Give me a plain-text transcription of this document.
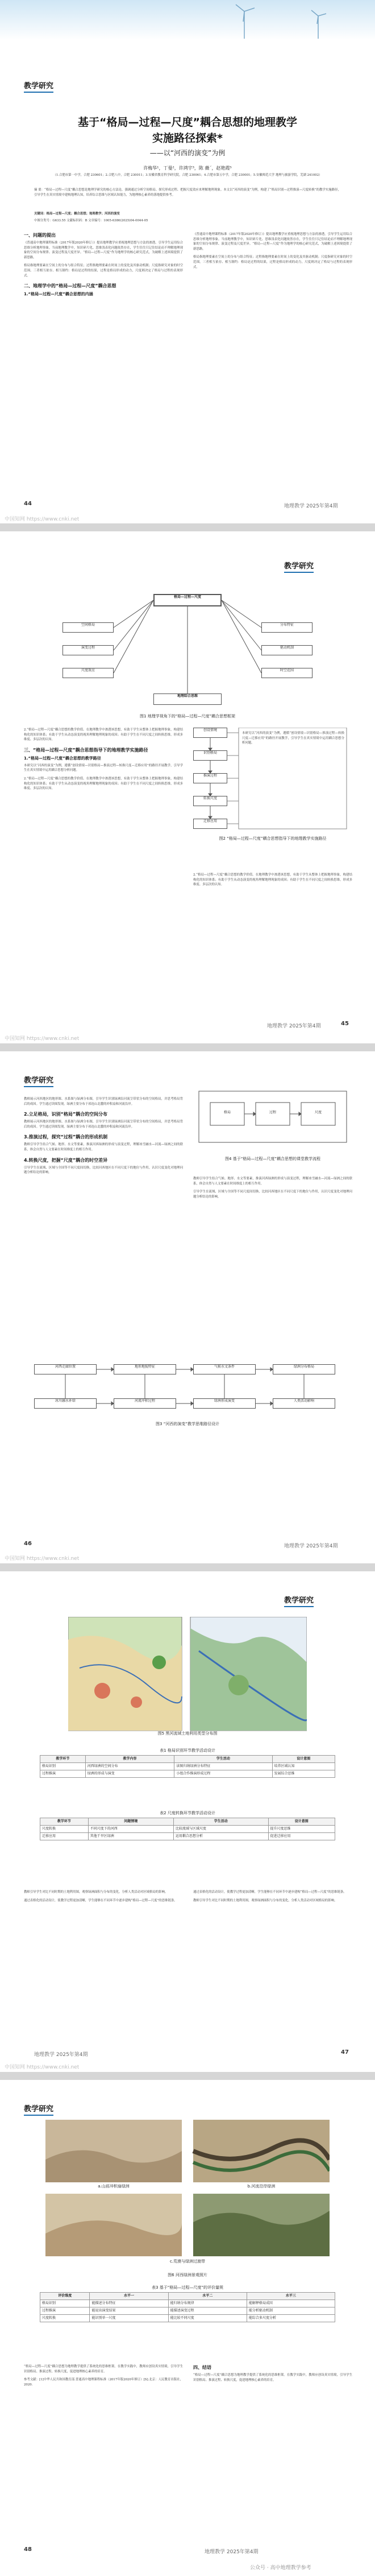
教学研究
基于“格局—过程—尺度”耦合思想的地理教学
实施路径探索*
——以“河西的演变”为例
许梅华¹，丁曼²，许鸿宇³，陈 薇´，赵艳霞⁵
（1.合肥市第一中学，合肥 230601；2.合肥八中，合肥 230011；3.安徽省教育科学研究院，合肥 230061；4.合肥市第五中学，合肥 230001；5.安徽师范大学 地理与旅游学院，芜湖 241002）
摘 要：“格局—过程—尺度”耦合思想是地理学研究的核心方法论，强调通过分析空间格局、探究形成过程、把握尺度效应来理解地理现象。本文以“河西的演变”为例，构建了“格局识别—过程推演—尺度转换”的教学实施路径，引导学生在真实情境中建构地理认知，培养综合思维与区域认知能力，为地理核心素养的落地提供参考。
关键词：格局—过程—尺度；耦合思想；地理教学；河西的演变
中图分类号：G633.55 文献标识码：B 文章编号：1005-6386(2025)04-0044-05
一、问题的提出
《普通高中地理课程标准（2017年版2020年修订）》提出地理教学应重视地理思想与方法的渗透，引导学生运用综合思维分析地理事象。当前地理教学中，知识碎片化、思维浅表化问题依然存在，学生往往只记住结论而不理解地理现象的空间分布规律、演变过程及尺度差异。“格局—过程—尺度”作为地理学的核心研究范式，为破解上述困境提供了新思路。
格局指地理要素在空间上的分布与组合特征；过程指地理要素在时间上的变化及其驱动机制；尺度指研究对象的时空范围。三者相互依存、相互制约：格局是过程的结果，过程是格局形成的动力，尺度则决定了格局与过程的表现形式。
二、地理学中的“格局—过程—尺度”耦合思想
1.“格局—过程—尺度”耦合思想的内涵
《普通高中地理课程标准（2017年版2020年修订）》提出地理教学应重视地理思想与方法的渗透，引导学生运用综合思维分析地理事象。当前地理教学中，知识碎片化、思维浅表化问题依然存在，学生往往只记住结论而不理解地理现象的空间分布规律、演变过程及尺度差异。“格局—过程—尺度”作为地理学的核心研究范式，为破解上述困境提供了新思路。
格局指地理要素在空间上的分布与组合特征；过程指地理要素在时间上的变化及其驱动机制；尺度指研究对象的时空范围。三者相互依存、相互制约：格局是过程的结果，过程是格局形成的动力，尺度则决定了格局与过程的表现形式。
44	地理教学 2025年第4期
中国知网 https://www.cnki.net
教学研究
格局—过程—尺度
空间格局
演变过程
尺度效应
分布特征
驱动机制
时空范围
地理综合思维
图1 地理学视角下的“格局—过程—尺度”耦合思想框架
2.“格局—过程—尺度”耦合思想的教学价值。在地理教学中渗透该思想，有助于学生从整体上把握地理事象，构建结构化的知识体系；有助于学生从动态演变的视角理解地理现象的成因；有助于学生在不同尺度之间转换思维，形成多维度、多层次的认知。
三、“格局—过程—尺度”耦合思想指导下的地理教学实施路径
1.“格局—过程—尺度”耦合思想的教学路径
本研究以“河西的演变”为例，遵循“创设情境—识别格局—推演过程—转换尺度—迁移应用”的路径开展教学，引导学生在真实情境中运用耦合思想分析问题。
2.“格局—过程—尺度”耦合思想的教学价值。在地理教学中渗透该思想，有助于学生从整体上把握地理事象，构建结构化的知识体系；有助于学生从动态演变的视角理解地理现象的成因；有助于学生在不同尺度之间转换思维，形成多维度、多层次的认知。
创设情境
识别格局
推演过程
转换尺度
迁移应用
本研究以“河西的演变”为例，遵循“创设情境—识别格局—推演过程—转换尺度—迁移应用”的路径开展教学，引导学生在真实情境中运用耦合思想分析问题。
图2 “格局—过程—尺度”耦合思想指导下的地理教学实施路径
2.“格局—过程—尺度”耦合思想的教学价值。在地理教学中渗透该思想，有助于学生从整体上把握地理事象，构建结构化的知识体系；有助于学生从动态演变的视角理解地理现象的成因；有助于学生在不同尺度之间转换思维，形成多维度、多层次的认知。
地理教学 2025年第4期	45
中国知网 https://www.cnki.net
教学研究
教师展示河西地区的地形图、水系图与绿洲分布图，引导学生识别绿洲沿河流呈带状分布的空间格局，并思考格局背后的成因。学生通过读图发现，绿洲主要分布于祁连山北麓的冲积扇和河流沿岸。
2.立足格局，识别“格局”耦合的空间分布
教师展示河西地区的地形图、水系图与绿洲分布图，引导学生识别绿洲沿河流呈带状分布的空间格局，并思考格局背后的成因。学生通过读图发现，绿洲主要分布于祁连山北麓的冲积扇和河流沿岸。
3.推演过程，探究“过程”耦合的形成机制
教师引导学生结合气候、地形、水文等要素，推演河西绿洲的形成与演变过程，理解冰雪融水—河流—绿洲之间的联系，体会自然与人文要素在时间维度上的相互作用。
4.转换尺度，把握“尺度”耦合的时空差异
引导学生在流域、区域与全国等不同尺度间切换，比较河西地区在不同尺度下的地位与作用，认识尺度变化对地理问题分析结论的影响。
格局	过程	尺度
图4 基于“格局—过程—尺度”耦合思想的课堂教学流程
教师引导学生结合气候、地形、水文等要素，推演河西绿洲的形成与演变过程，理解冰雪融水—河流—绿洲之间的联系，体会自然与人文要素在时间维度上的相互作用。
引导学生在流域、区域与全国等不同尺度间切换，比较河西地区在不同尺度下的地位与作用，认识尺度变化对地理问题分析结论的影响。
河西走廊位置	地形地貌特征	气候水文条件	绿洲分布格局
冰川融水补给	河流冲积过程	绿洲形成演变	人类活动影响
图3 “河西的演变”教学思维路径设计
46	地理教学 2025年第4期
中国知网 https://www.cnki.net
教学研究
图5 黑河流域土地利用类型分布图
表1 格局识别环节教学活动设计
教学环节	教学内容	学生活动	设计意图
格局识别	河西绿洲的空间分布	读图归纳绿洲分布特征	培养区域认知
过程推演	绿洲的形成与演变	小组合作推演形成过程	发展综合思维
表2 尺度转换环节教学活动设计
教学环节	问题情境	学生活动	设计意图
尺度转换	不同尺度下的河西	比较流域与区域尺度	提升尺度思维
迁移应用	其他干旱区绿洲	运用耦合思想分析	促进迁移应用
教师引导学生对比不同时期的土地利用图，观察绿洲面积与分布的变化，分析人类活动对区域格局的影响。
通过表格化的活动设计，使教学过程更加清晰，学生能够在不同环节中逐步建构“格局—过程—尺度”的思维链条。
通过表格化的活动设计，使教学过程更加清晰，学生能够在不同环节中逐步建构“格局—过程—尺度”的思维链条。
教师引导学生对比不同时期的土地利用图，观察绿洲面积与分布的变化，分析人类活动对区域格局的影响。
地理教学 2025年第4期	47
中国知网 https://www.cnki.net
教学研究
a.山前冲积扇绿洲	b.河流沿岸绿洲
c.荒漠与绿洲过渡带
图6 河西绿洲景观照片
表3 基于“格局—过程—尺度”的评价量规
评价维度	水平一	水平二	水平三
格局识别	能描述分布特征	能归纳分布规律	能解释格局成因
过程推演	能说出演变结果	能描述演变过程	能分析驱动机制
尺度转换	能识别单一尺度	能比较不同尺度	能综合多尺度分析
“格局—过程—尺度”耦合思想为地理教学提供了系统化的思维框架。在教学实践中，教师应创设真实情境，引导学生识别格局、推演过程、转换尺度，促进地理核心素养的培育。
参考文献：[1]中华人民共和国教育部.普通高中地理课程标准（2017年版2020年修订）[S].北京：人民教育出版社，2020.
四、结语
“格局—过程—尺度”耦合思想为地理教学提供了系统化的思维框架。在教学实践中，教师应创设真实情境，引导学生识别格局、推演过程、转换尺度，促进地理核心素养的培育。
48	地理教学 2025年第4期
公众号 · 高中地理教学参考
